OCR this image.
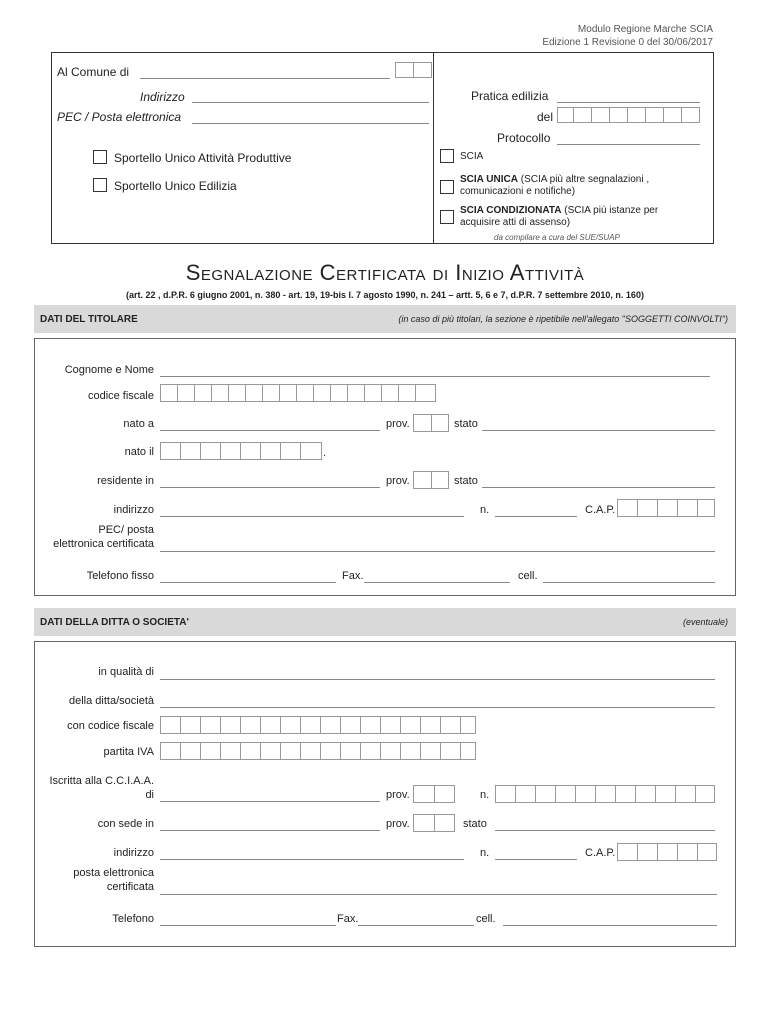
Modulo Regione Marche SCIA
Edizione 1 Revisione 0 del 30/06/2017
Al Comune di
Indirizzo
PEC / Posta elettronica
Sportello Unico Attività Produttive
Sportello Unico Edilizia
Pratica edilizia
del
Protocollo
SCIA
SCIA UNICA (SCIA più altre segnalazioni ,
comunicazioni e notifiche)
SCIA CONDIZIONATA (SCIA più istanze per
acquisire atti di assenso)
da compilare a cura del SUE/SUAP
Segnalazione Certificata di Inizio Attività
(art. 22 , d.P.R. 6 giugno 2001, n. 380 - art. 19, 19-bis l. 7 agosto 1990, n. 241 – artt. 5, 6 e 7, d.P.R. 7 settembre 2010, n. 160)
DATI DEL TITOLARE	(in caso di più titolari, la sezione è ripetibile nell'allegato "SOGGETTI COINVOLTI")
Cognome e Nome
codice fiscale
nato a	prov.	stato
nato il	.
residente in	prov.	stato
indirizzo	n.	C.A.P.
PEC/ posta
elettronica certificata
Telefono fisso	Fax.	cell.
DATI DELLA DITTA O SOCIETA'	(eventuale)
in qualità di
della ditta/società
con codice fiscale
partita IVA
Iscritta alla C.C.I.A.A.
di	prov.	n.
con sede in	prov.	stato
indirizzo	n.	C.A.P.
posta elettronica
certificata
Telefono	Fax.	cell.
